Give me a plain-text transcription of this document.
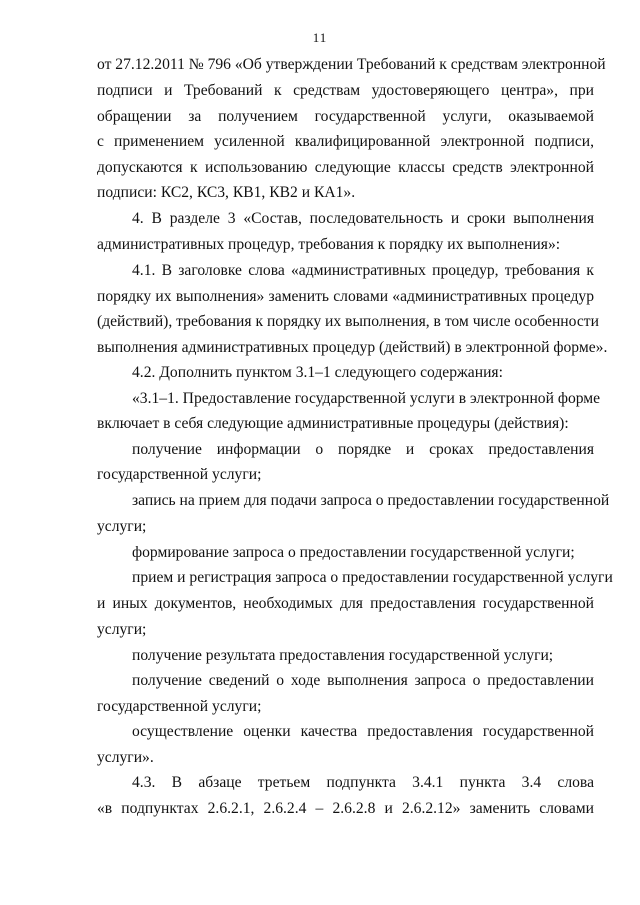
11
от 27.12.2011 № 796 «Об утверждении Требований к средствам электронной
подписи и Требований к средствам удостоверяющего центра», при
обращении за получением государственной услуги, оказываемой
с применением усиленной квалифицированной электронной подписи,
допускаются к использованию следующие классы средств электронной
подписи: КС2, КС3, КВ1, КВ2 и КА1».
4. В разделе 3 «Состав, последовательность и сроки выполнения
административных процедур, требования к порядку их выполнения»:
4.1. В заголовке слова «административных процедур, требования к
порядку их выполнения» заменить словами «административных процедур
(действий), требования к порядку их выполнения, в том числе особенности
выполнения административных процедур (действий) в электронной форме».
4.2. Дополнить пунктом 3.1–1 следующего содержания:
«3.1–1. Предоставление государственной услуги в электронной форме
включает в себя следующие административные процедуры (действия):
получение информации о порядке и сроках предоставления
государственной услуги;
запись на прием для подачи запроса о предоставлении государственной
услуги;
формирование запроса о предоставлении государственной услуги;
прием и регистрация запроса о предоставлении государственной услуги
и иных документов, необходимых для предоставления государственной
услуги;
получение результата предоставления государственной услуги;
получение сведений о ходе выполнения запроса о предоставлении
государственной услуги;
осуществление оценки качества предоставления государственной
услуги».
4.3. В абзаце третьем подпункта 3.4.1 пункта 3.4 слова
«в подпунктах 2.6.2.1, 2.6.2.4 – 2.6.2.8 и 2.6.2.12» заменить словами
